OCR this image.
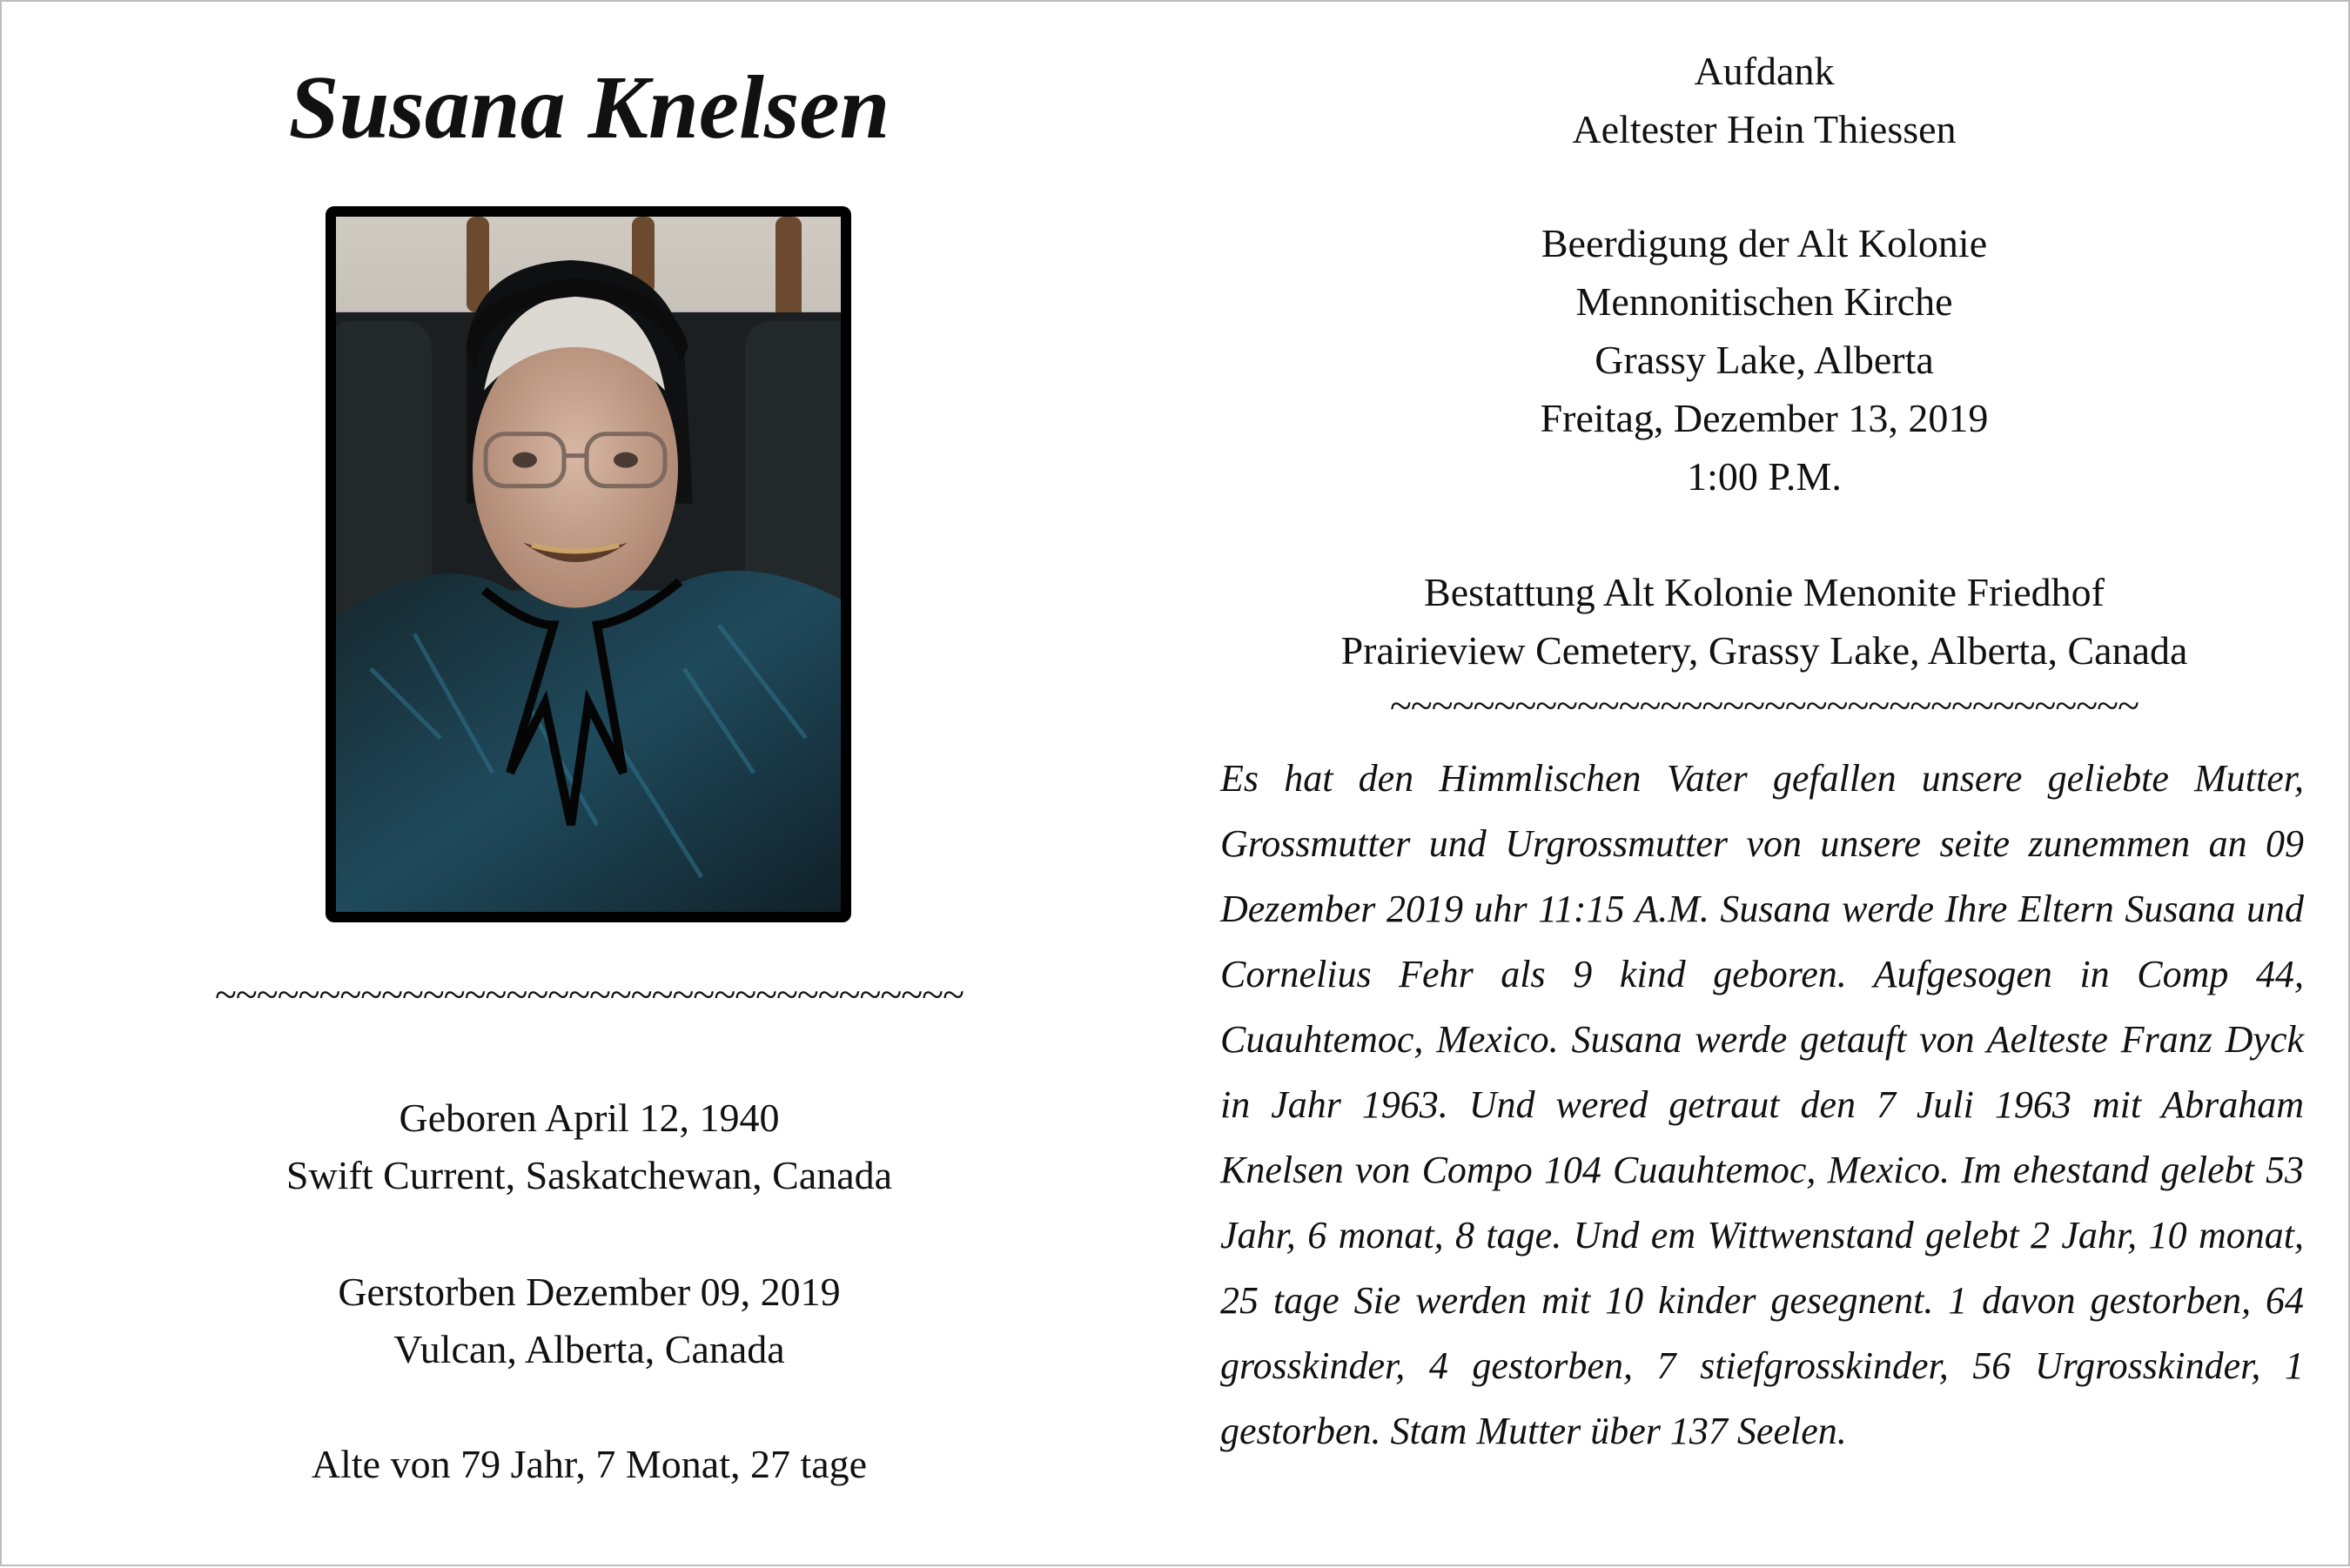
Susana Knelsen
~~~~~~~~~~~~~~~~~~~~~~~~~~~~~~~~~~~~
Geboren April 12, 1940
Swift Current, Saskatchewan, Canada
Gerstorben Dezember 09, 2019
Vulcan, Alberta, Canada
Alte von 79 Jahr, 7 Monat, 27 tage
Aufdank
Aeltester Hein Thiessen
Beerdigung der Alt Kolonie
Mennonitischen Kirche
Grassy Lake, Alberta
Freitag, Dezember 13, 2019
1:00 P.M.
Bestattung Alt Kolonie Menonite Friedhof
Prairieview Cemetery, Grassy Lake, Alberta, Canada
~~~~~~~~~~~~~~~~~~~~~~~~~~~~~~~~~~~~

Es hat den Himmlischen Vater gefallen unsere geliebte Mutter, Grossmutter und Urgrossmutter von unsere seite zunemmen an 09 Dezember 2019 uhr 11:15 A.M. Susana werde Ihre Eltern Susana und Cornelius Fehr als 9 kind geboren. Aufgesogen in Comp 44, Cuauhtemoc, Mexico. Susana werde getauft von Aelteste Franz Dyck in Jahr 1963. Und wered getraut den 7 Juli 1963 mit Abraham Knelsen von Compo 104 Cuauhtemoc, Mexico. Im ehestand gelebt 53 Jahr, 6 monat, 8 tage. Und em Wittwenstand gelebt 2 Jahr, 10 monat, 25 tage Sie werden mit 10 kinder gesegnent. 1 davon gestorben, 64 grosskinder, 4 gestorben, 7 stiefgrosskinder, 56 Urgrosskinder, 1 gestorben. Stam Mutter über 137 Seelen.
